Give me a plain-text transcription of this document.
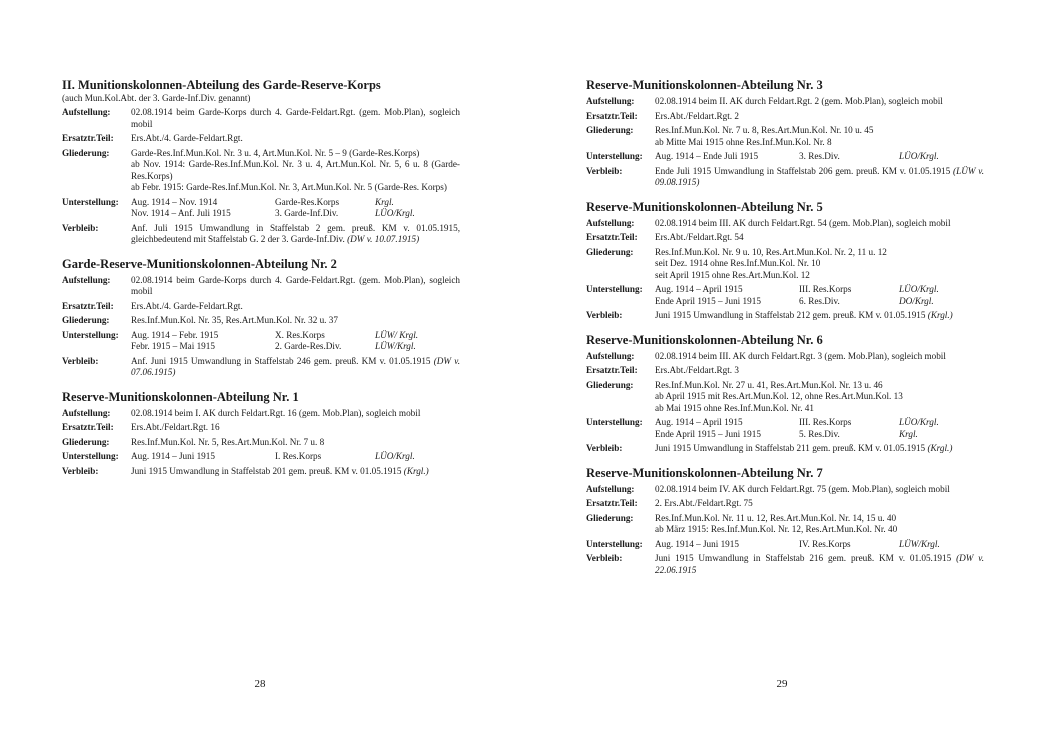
II. Munitionskolonnen-Abteilung des Garde-Reserve-Korps
(auch Mun.Kol.Abt. der 3. Garde-Inf.Div. genannt)
Aufstellung:	02.08.1914 beim Garde-Korps durch 4. Garde-Feldart.Rgt. (gem. Mob.Plan), sogleich mobil
Ersatztr.Teil:	Ers.Abt./4. Garde-Feldart.Rgt.
Gliederung:	Garde-Res.Inf.Mun.Kol. Nr. 3 u. 4, Art.Mun.Kol. Nr. 5 – 9 (Garde-Res.Korps)
ab Nov. 1914: Garde-Res.Inf.Mun.Kol. Nr. 3 u. 4, Art.Mun.Kol. Nr. 5, 6 u. 8 (Garde-Res.Korps)
ab Febr. 1915: Garde-Res.Inf.Mun.Kol. Nr. 3, Art.Mun.Kol. Nr. 5 (Garde-Res. Korps)
Unterstellung:	Aug. 1914 – Nov. 1914	Garde-Res.Korps	Krgl.
Nov. 1914 – Anf. Juli 1915	3. Garde-Inf.Div.	LÜO/Krgl.
Verbleib:	Anf. Juli 1915 Umwandlung in Staffelstab 2 gem. preuß. KM v. 01.05.1915, gleichbedeutend mit Staffelstab G. 2 der 3. Garde-Inf.Div. (DW v. 10.07.1915)
Garde-Reserve-Munitionskolonnen-Abteilung Nr. 2
Aufstellung:	02.08.1914 beim Garde-Korps durch 4. Garde-Feldart.Rgt. (gem. Mob.Plan), sogleich mobil
Ersatztr.Teil:	Ers.Abt./4. Garde-Feldart.Rgt.
Gliederung:	Res.Inf.Mun.Kol. Nr. 35, Res.Art.Mun.Kol. Nr. 32 u. 37
Unterstellung:	Aug. 1914 – Febr. 1915	X. Res.Korps	LÜW/ Krgl.
Febr. 1915 – Mai 1915	2. Garde-Res.Div.	LÜW/Krgl.
Verbleib:	Anf. Juni 1915 Umwandlung in Staffelstab 246 gem. preuß. KM v. 01.05.1915 (DW v. 07.06.1915)
Reserve-Munitionskolonnen-Abteilung Nr. 1
Aufstellung:	02.08.1914 beim I. AK durch Feldart.Rgt. 16 (gem. Mob.Plan), sogleich mobil
Ersatztr.Teil:	Ers.Abt./Feldart.Rgt. 16
Gliederung:	Res.Inf.Mun.Kol. Nr. 5, Res.Art.Mun.Kol. Nr. 7 u. 8
Unterstellung:	Aug. 1914 – Juni 1915	I. Res.Korps	LÜO/Krgl.
Verbleib:	Juni 1915 Umwandlung in Staffelstab 201 gem. preuß. KM v. 01.05.1915 (Krgl.)
28
Reserve-Munitionskolonnen-Abteilung Nr. 3
Aufstellung:	02.08.1914 beim II. AK durch Feldart.Rgt. 2 (gem. Mob.Plan), sogleich mobil
Ersatztr.Teil:	Ers.Abt./Feldart.Rgt. 2
Gliederung:	Res.Inf.Mun.Kol. Nr. 7 u. 8, Res.Art.Mun.Kol. Nr. 10 u. 45
ab Mitte Mai 1915 ohne Res.Inf.Mun.Kol. Nr. 8
Unterstellung:	Aug. 1914 – Ende Juli 1915	3. Res.Div.	LÜO/Krgl.
Verbleib:	Ende Juli 1915 Umwandlung in Staffelstab 206 gem. preuß. KM v. 01.05.1915 (LÜW v. 09.08.1915)
Reserve-Munitionskolonnen-Abteilung Nr. 5
Aufstellung:	02.08.1914 beim III. AK durch Feldart.Rgt. 54 (gem. Mob.Plan), sogleich mobil
Ersatztr.Teil:	Ers.Abt./Feldart.Rgt. 54
Gliederung:	Res.Inf.Mun.Kol. Nr. 9 u. 10, Res.Art.Mun.Kol. Nr. 2, 11 u. 12
seit Dez. 1914 ohne Res.Inf.Mun.Kol. Nr. 10
seit April 1915 ohne Res.Art.Mun.Kol. 12
Unterstellung:	Aug. 1914 – April 1915	III. Res.Korps	LÜO/Krgl.
Ende April 1915 – Juni 1915	6. Res.Div.	DO/Krgl.
Verbleib:	Juni 1915 Umwandlung in Staffelstab 212 gem. preuß. KM v. 01.05.1915 (Krgl.)
Reserve-Munitionskolonnen-Abteilung Nr. 6
Aufstellung:	02.08.1914 beim III. AK durch Feldart.Rgt. 3 (gem. Mob.Plan), sogleich mobil
Ersatztr.Teil:	Ers.Abt./Feldart.Rgt. 3
Gliederung:	Res.Inf.Mun.Kol. Nr. 27 u. 41, Res.Art.Mun.Kol. Nr. 13 u. 46
ab April 1915 mit Res.Art.Mun.Kol. 12, ohne Res.Art.Mun.Kol. 13
ab Mai 1915 ohne Res.Inf.Mun.Kol. Nr. 41
Unterstellung:	Aug. 1914 – April 1915	III. Res.Korps	LÜO/Krgl.
Ende April 1915 – Juni 1915	5. Res.Div.	Krgl.
Verbleib:	Juni 1915 Umwandlung in Staffelstab 211 gem. preuß. KM v. 01.05.1915 (Krgl.)
Reserve-Munitionskolonnen-Abteilung Nr. 7
Aufstellung:	02.08.1914 beim IV. AK durch Feldart.Rgt. 75 (gem. Mob.Plan), sogleich mobil
Ersatztr.Teil:	2. Ers.Abt./Feldart.Rgt. 75
Gliederung:	Res.Inf.Mun.Kol. Nr. 11 u. 12, Res.Art.Mun.Kol. Nr. 14, 15 u. 40
ab März 1915: Res.Inf.Mun.Kol. Nr. 12, Res.Art.Mun.Kol. Nr. 40
Unterstellung:	Aug. 1914 – Juni 1915	IV. Res.Korps	LÜW/Krgl.
Verbleib:	Juni 1915 Umwandlung in Staffelstab 216 gem. preuß. KM v. 01.05.1915 (DW v. 22.06.1915
29
